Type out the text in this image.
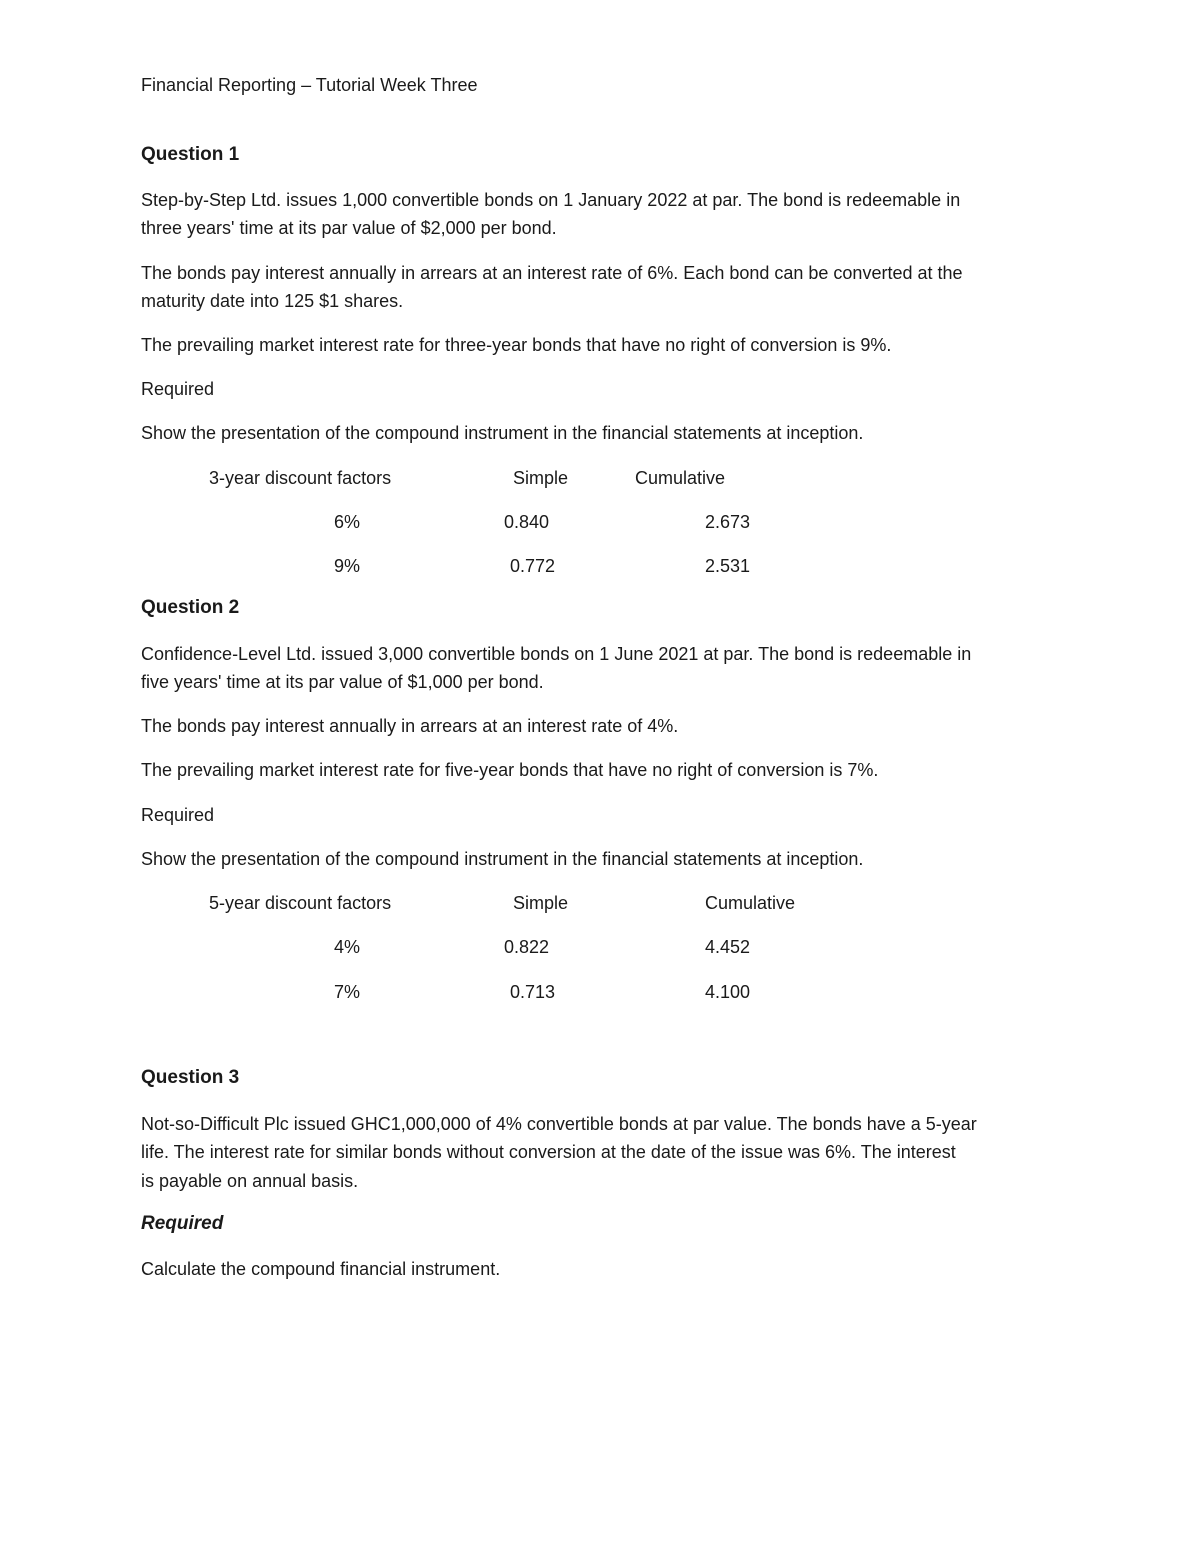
Financial Reporting – Tutorial Week Three
Question 1
Step-by-Step Ltd. issues 1,000 convertible bonds on 1 January 2022 at par. The bond is redeemable in
three years' time at its par value of $2,000 per bond.
The bonds pay interest annually in arrears at an interest rate of 6%. Each bond can be converted at the
maturity date into 125 $1 shares.
The prevailing market interest rate for three-year bonds that have no right of conversion is 9%.
Required
Show the presentation of the compound instrument in the financial statements at inception.
3-year discount factors	Simple	Cumulative
6%	0.840	2.673
9%	0.772	2.531
Question 2
Confidence-Level Ltd. issued 3,000 convertible bonds on 1 June 2021 at par. The bond is redeemable in
five years' time at its par value of $1,000 per bond.
The bonds pay interest annually in arrears at an interest rate of 4%.
The prevailing market interest rate for five-year bonds that have no right of conversion is 7%.
Required
Show the presentation of the compound instrument in the financial statements at inception.
5-year discount factors	Simple	Cumulative
4%	0.822	4.452
7%	0.713	4.100
Question 3
Not-so-Difficult Plc issued GHC1,000,000 of 4% convertible bonds at par value. The bonds have a 5-year
life. The interest rate for similar bonds without conversion at the date of the issue was 6%. The interest
is payable on annual basis.
Required
Calculate the compound financial instrument.
